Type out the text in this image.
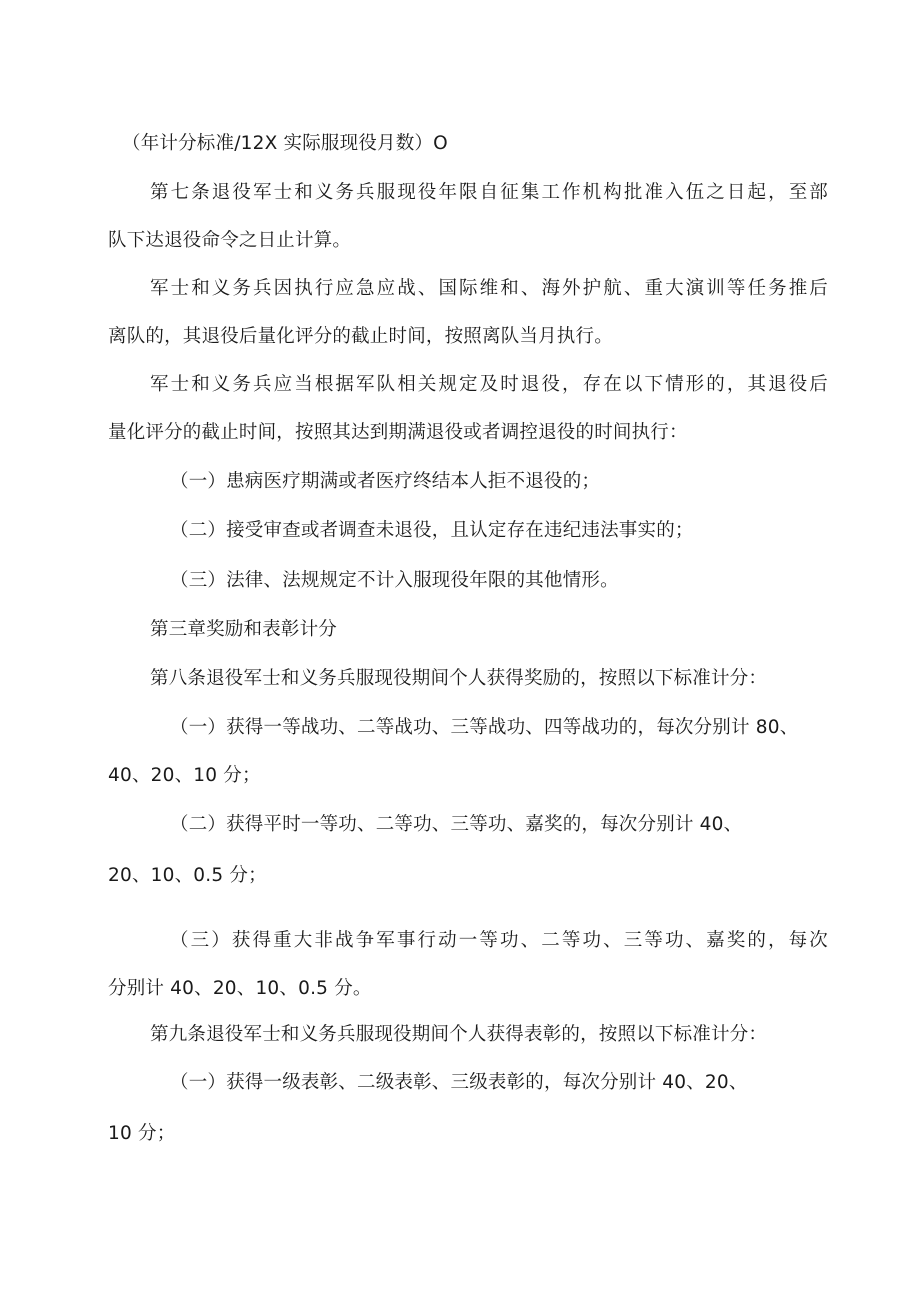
（年计分标准/12X 实际服现役月数）O
第七条退役军士和义务兵服现役年限自征集工作机构批准入伍之日起，至部
队下达退役命令之日止计算。
军士和义务兵因执行应急应战、国际维和、海外护航、重大演训等任务推后
离队的，其退役后量化评分的截止时间，按照离队当月执行。
军士和义务兵应当根据军队相关规定及时退役，存在以下情形的，其退役后
量化评分的截止时间，按照其达到期满退役或者调控退役的时间执行：
（一）患病医疗期满或者医疗终结本人拒不退役的；
（二）接受审查或者调查未退役，且认定存在违纪违法事实的；
（三）法律、法规规定不计入服现役年限的其他情形。
第三章奖励和表彰计分
第八条退役军士和义务兵服现役期间个人获得奖励的，按照以下标准计分：
（一）获得一等战功、二等战功、三等战功、四等战功的，每次分别计 80、
40、20、10 分；
（二）获得平时一等功、二等功、三等功、嘉奖的，每次分别计 40、
20、10、0.5 分；
（三）获得重大非战争军事行动一等功、二等功、三等功、嘉奖的，每次
分别计 40、20、10、0.5 分。
第九条退役军士和义务兵服现役期间个人获得表彰的，按照以下标准计分：
（一）获得一级表彰、二级表彰、三级表彰的，每次分别计 40、20、
10 分；
